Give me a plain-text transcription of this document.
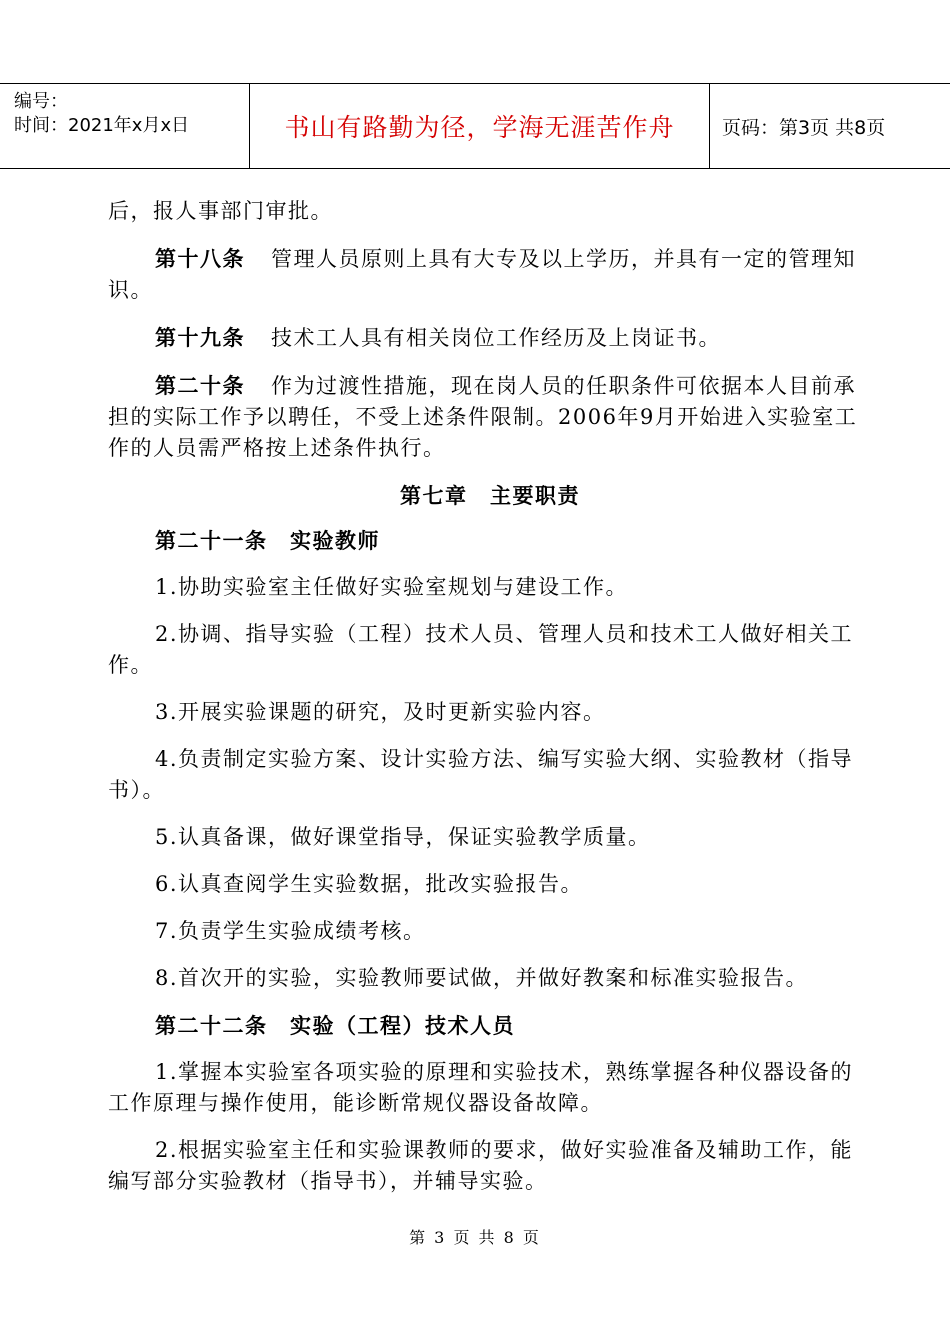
编号：
时间：2021年x月x日	书山有路勤为径，学海无涯苦作舟	页码：第3页 共8页

后，报人事部门审批。

第十八条 管理人员原则上具有大专及以上学历，并具有一定的管理知识。

第十九条 技术工人具有相关岗位工作经历及上岗证书。

第二十条 作为过渡性措施，现在岗人员的任职条件可依据本人目前承担的实际工作予以聘任，不受上述条件限制。2006年9月开始进入实验室工作的人员需严格按上述条件执行。

第七章　主要职责

第二十一条　实验教师

1.协助实验室主任做好实验室规划与建设工作。

2.协调、指导实验（工程）技术人员、管理人员和技术工人做好相关工作。

3.开展实验课题的研究，及时更新实验内容。

4.负责制定实验方案、设计实验方法、编写实验大纲、实验教材（指导书）。

5.认真备课，做好课堂指导，保证实验教学质量。

6.认真查阅学生实验数据，批改实验报告。

7.负责学生实验成绩考核。

8.首次开的实验，实验教师要试做，并做好教案和标准实验报告。

第二十二条　实验（工程）技术人员

1.掌握本实验室各项实验的原理和实验技术，熟练掌握各种仪器设备的工作原理与操作使用，能诊断常规仪器设备故障。

2.根据实验室主任和实验课教师的要求，做好实验准备及辅助工作，能编写部分实验教材（指导书），并辅导实验。

第 3 页 共 8 页
